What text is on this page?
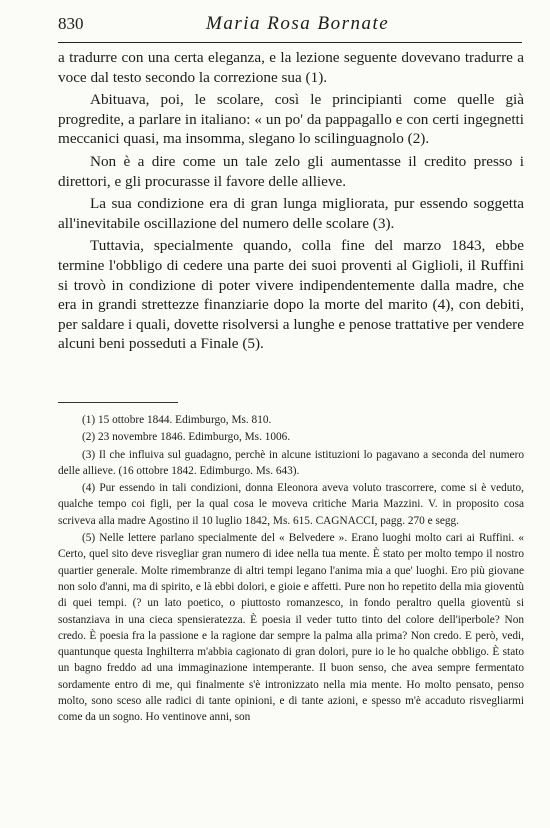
830	Maria Rosa Bornate

a tradurre con una certa eleganza, e la lezione seguente dovevano tradurre a voce dal testo secondo la correzione sua (1).

Abituava, poi, le scolare, così le principianti come quelle già progredite, a parlare in italiano: « un po' da pappagallo e con certi ingegnetti meccanici quasi, ma insomma, slegano lo scilinguagnolo (2).

Non è a dire come un tale zelo gli aumentasse il credito presso i direttori, e gli procurasse il favore delle allieve.

La sua condizione era di gran lunga migliorata, pur essendo soggetta all'inevitabile oscillazione del numero delle scolare (3).

Tuttavia, specialmente quando, colla fine del marzo 1843, ebbe termine l'obbligo di cedere una parte dei suoi proventi al Giglioli, il Ruffini si trovò in condizione di poter vivere indipendentemente dalla madre, che era in grandi strettezze finanziarie dopo la morte del marito (4), con debiti, per saldare i quali, dovette risolversi a lunghe e penose trattative per vendere alcuni beni posseduti a Finale (5).

(1) 15 ottobre 1844. Edimburgo, Ms. 810.

(2) 23 novembre 1846. Edimburgo, Ms. 1006.

(3) Il che influiva sul guadagno, perchè in alcune istituzioni lo pagavano a seconda del numero delle allieve. (16 ottobre 1842. Edimburgo. Ms. 643).

(4) Pur essendo in tali condizioni, donna Eleonora aveva voluto trascorrere, come si è veduto, qualche tempo coi figli, per la qual cosa le moveva critiche Maria Mazzini. V. in proposito cosa scriveva alla madre Agostino il 10 luglio 1842, Ms. 615. CAGNACCI, pagg. 270 e segg.

(5) Nelle lettere parlano specialmente del « Belvedere ». Erano luoghi molto cari ai Ruffini. « Certo, quel sito deve risvegliar gran numero di idee nella tua mente. È stato per molto tempo il nostro quartier generale. Molte rimembranze di altri tempi legano l'anima mia a que' luoghi. Ero più giovane non solo d'anni, ma di spirito, e là ebbi dolori, e gioie e affetti. Pure non ho repetito della mia gioventù di quei tempi. (? un lato poetico, o piuttosto romanzesco, in fondo peraltro quella gioventù si sostanziava in una cieca spensieratezza. È poesia il veder tutto tinto del colore dell'iperbole? Non credo. È poesia fra la passione e la ragione dar sempre la palma alla prima? Non credo. E però, vedi, quantunque questa Inghilterra m'abbia cagionato di gran dolori, pure io le ho qualche obbligo. È stato un bagno freddo ad una immaginazione intemperante. Il buon senso, che avea sempre fermentato sordamente entro di me, qui finalmente s'è intronizzato nella mia mente. Ho molto pensato, penso molto, sono sceso alle radici di tante opinioni, e di tante azioni, e spesso m'è accaduto risvegliarmi come da un sogno. Ho ventinove anni, son
